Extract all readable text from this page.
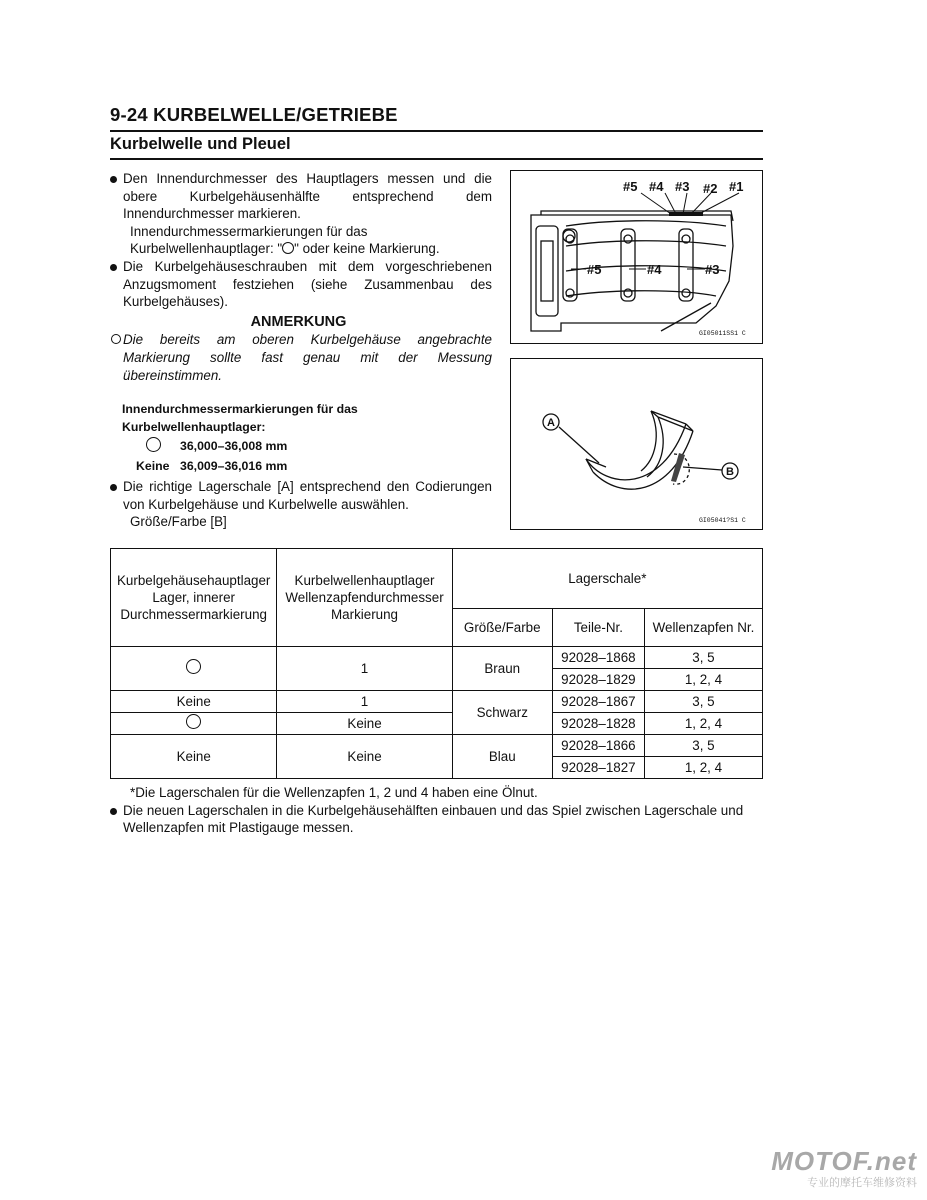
9-24 KURBELWELLE/GETRIEBE
Kurbelwelle und Pleuel
Den Innendurchmesser des Hauptlagers messen und die obere Kurbelgehäusenhälfte entsprechend dem Innendurchmesser markieren.
Innendurchmessermarkierungen für das Kurbelwellenhauptlager: "○" oder keine Markierung.
Die Kurbelgehäuseschrauben mit dem vorgeschriebenen Anzugsmoment festziehen (siehe Zusammenbau des Kurbelgehäuses).
ANMERKUNG
Die bereits am oberen Kurbelgehäuse angebrachte Markierung sollte fast genau mit der Messung übereinstimmen.
Innendurchmessermarkierungen für das
Kurbelwellenhauptlager:
36,000–36,008 mm
Keine 36,009–36,016 mm
Die richtige Lagerschale [A] entsprechend den Codierungen von Kurbelgehäuse und Kurbelwelle auswählen.
Größe/Farbe [B]
#5 #4 #3 #2 #1
#5	#4	#3
GI05011SS1 C
A
B
GI05041?S1 C
Kurbelgehäusehauptlager Lager, innerer Durchmessermarkierung	Kurbelwellenhauptlager Wellenzapfendurchmesser Markierung	Lagerschale*		
		Größe/Farbe	Teile-Nr.	Wellenzapfen Nr.
	1	Braun	92028–1868	3, 5
			92028–1829	1, 2, 4
Keine	1	Schwarz	92028–1867	3, 5
	Keine		92028–1828	1, 2, 4
Keine	Keine	Blau	92028–1866	3, 5
			92028–1827	1, 2, 4
*Die Lagerschalen für die Wellenzapfen 1, 2 und 4 haben eine Ölnut.
Die neuen Lagerschalen in die Kurbelgehäusehälften einbauen und das Spiel zwischen Lagerschale und Wellenzapfen mit Plastigauge messen.
MOTOF.net
专业的摩托车维修资料
